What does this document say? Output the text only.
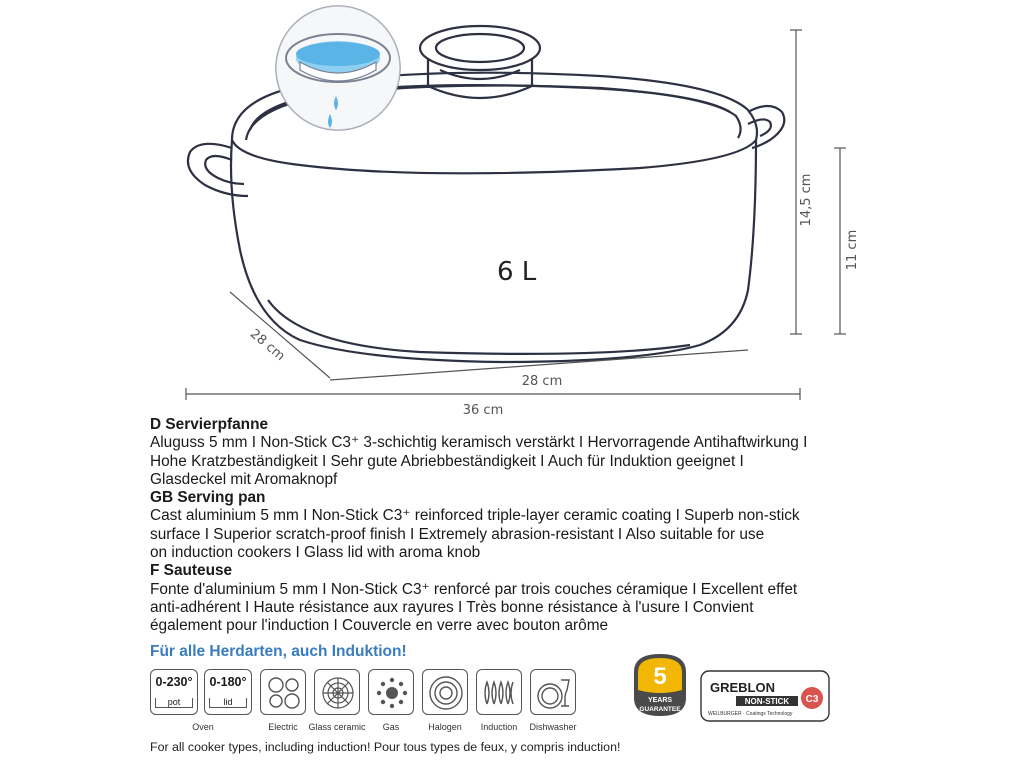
6 L
14,5 cm
11 cm
28 cm
28 cm
36 cm

D Servierpfanne

Aluguss 5 mm I Non-Stick C3⁺ 3-schichtig keramisch verstärkt I Hervorragende Antihaftwirkung I

Hohe Kratzbeständigkeit I Sehr gute Abriebbeständigkeit I Auch für Induktion geeignet I

Glasdeckel mit Aromaknopf

GB Serving pan

Cast aluminium 5 mm I Non-Stick C3⁺ reinforced triple-layer ceramic coating I Superb non-stick

surface I Superior scratch-proof finish I Extremely abrasion-resistant I Also suitable for use

on induction cookers I Glass lid with aroma knob

F Sauteuse

Fonte d'aluminium 5 mm I Non-Stick C3⁺ renforcé par trois couches céramique I Excellent effet

anti-adhérent I Haute résistance aux rayures I Très bonne résistance à l'usure I Convient

également pour l'induction I Couvercle en verre avec bouton arôme

Für alle Herdarten, auch Induktion!
0-230°
pot
0-180°
lid
Oven	Electric	Glass ceramic	Gas	Halogen	Induction	Dishwasher
5
YEARS
GUARANTEE
GREBLON
NON-STICK
WEILBURGER · Coatings Technology
C3
For all cooker types, including induction! Pour tous types de feux, y compris induction!
